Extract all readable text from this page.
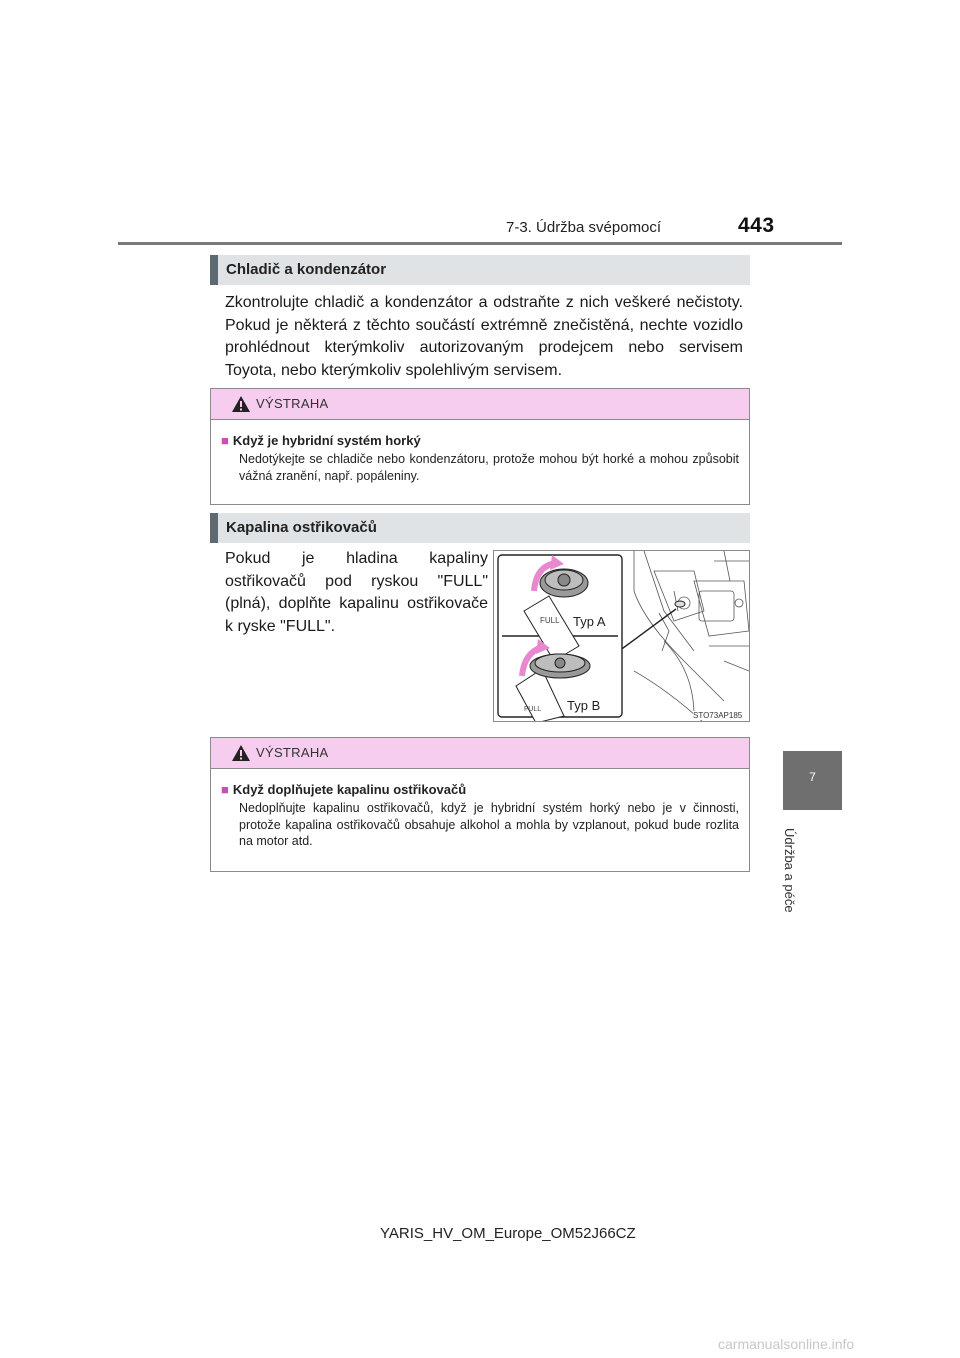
7-3. Údržba svépomocí	443
7
Údržba a péče
Chladič a kondenzátor
Zkontrolujte chladič a kondenzátor a odstraňte z nich veškeré nečistoty. Pokud je některá z těchto součástí extrémně znečistěná, nechte vozidlo prohlédnout kterýmkoliv autorizovaným prodejcem nebo servisem Toyota, nebo kterýmkoliv spolehlivým servisem.
VÝSTRAHA
■ Když je hybridní systém horký
Nedotýkejte se chladiče nebo kondenzátoru, protože mohou být horké a mohou způsobit vážná zranění, např. popáleniny.
Kapalina ostřikovačů
Pokud je hladina kapaliny ostřikovačů pod ryskou "FULL" (plná), doplňte kapalinu ostřikovače k ryske "FULL".	FULL
FULL
Typ A
Typ B
STO73AP185
VÝSTRAHA
■ Když doplňujete kapalinu ostřikovačů
Nedoplňujte kapalinu ostřikovačů, když je hybridní systém horký nebo je v činnosti, protože kapalina ostřikovačů obsahuje alkohol a mohla by vzplanout, pokud bude rozlita na motor atd.
YARIS_HV_OM_Europe_OM52J66CZ
carmanualsonline.info
